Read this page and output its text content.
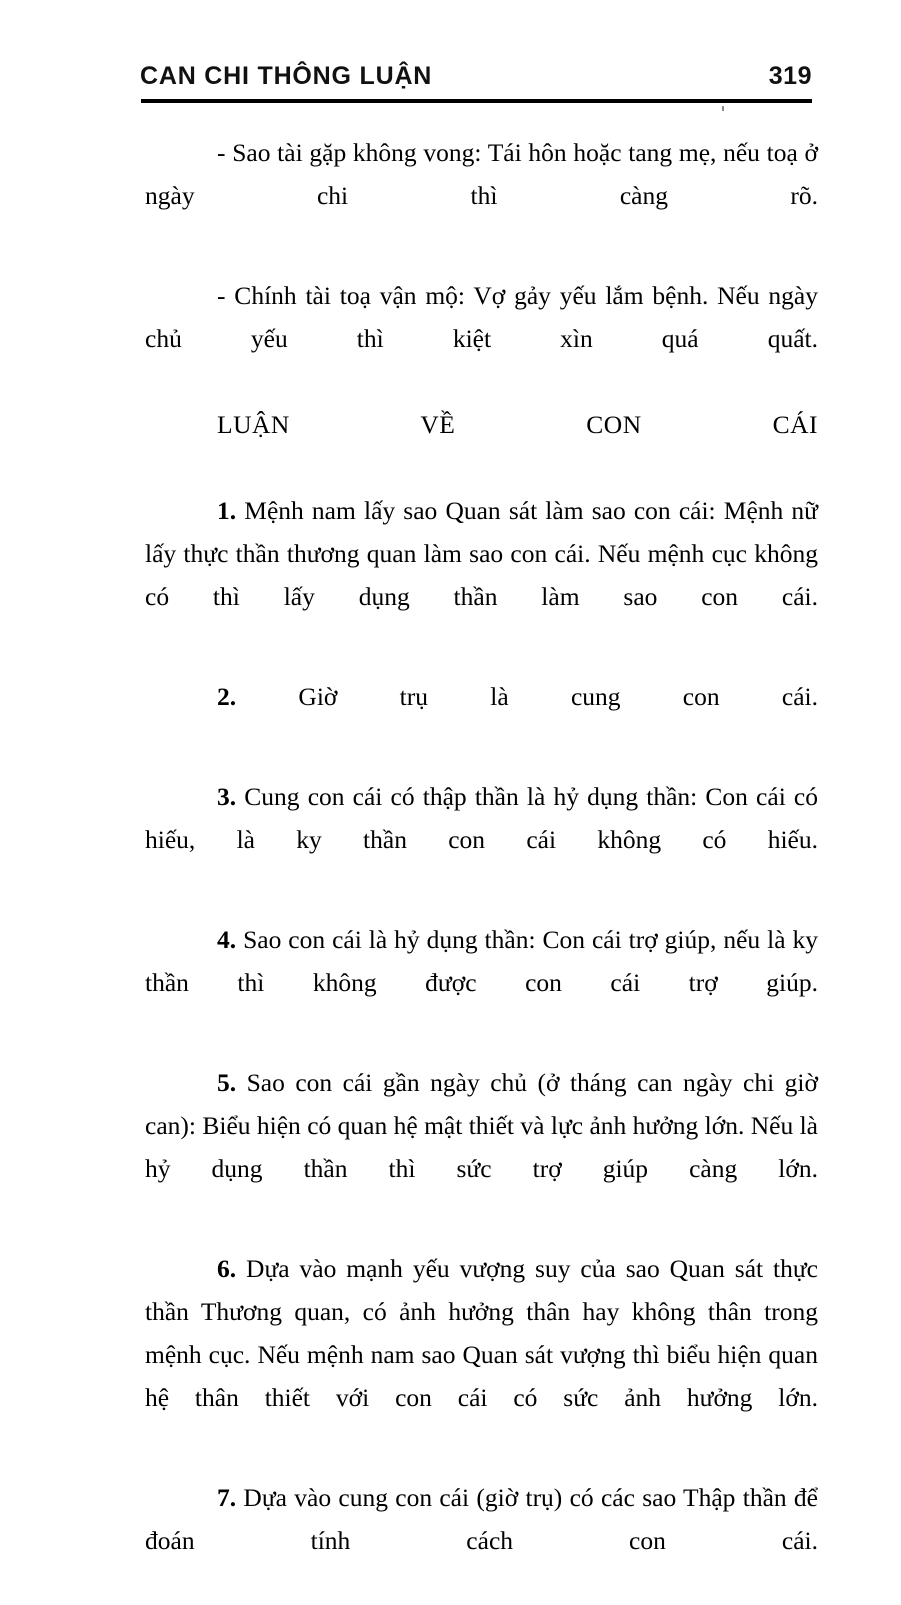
CAN CHI THÔNG LUẬN	319

- Sao tài gặp không vong: Tái hôn hoặc tang mẹ, nếu toạ ở ngày chi thì càng rõ.

- Chính tài toạ vận mộ: Vợ gảy yếu lắm bệnh. Nếu ngày chủ yếu thì kiệt xìn quá quất.

LUẬN VỀ CON CÁI

1. Mệnh nam lấy sao Quan sát làm sao con cái: Mệnh nữ lấy thực thần thương quan làm sao con cái. Nếu mệnh cục không có thì lấy dụng thần làm sao con cái.

2. Giờ trụ là cung con cái.

3. Cung con cái có thập thần là hỷ dụng thần: Con cái có hiếu, là ky thần con cái không có hiếu.

4. Sao con cái là hỷ dụng thần: Con cái trợ giúp, nếu là ky thần thì không được con cái trợ giúp.

5. Sao con cái gần ngày chủ (ở tháng can ngày chi giờ can): Biểu hiện có quan hệ mật thiết và lực ảnh hưởng lớn. Nếu là hỷ dụng thần thì sức trợ giúp càng lớn.

6. Dựa vào mạnh yếu vượng suy của sao Quan sát thực thần Thương quan, có ảnh hưởng thân hay không thân trong mệnh cục. Nếu mệnh nam sao Quan sát vượng thì biểu hiện quan hệ thân thiết với con cái có sức ảnh hưởng lớn.

7. Dựa vào cung con cái (giờ trụ) có các sao Thập thần để đoán tính cách con cái.
